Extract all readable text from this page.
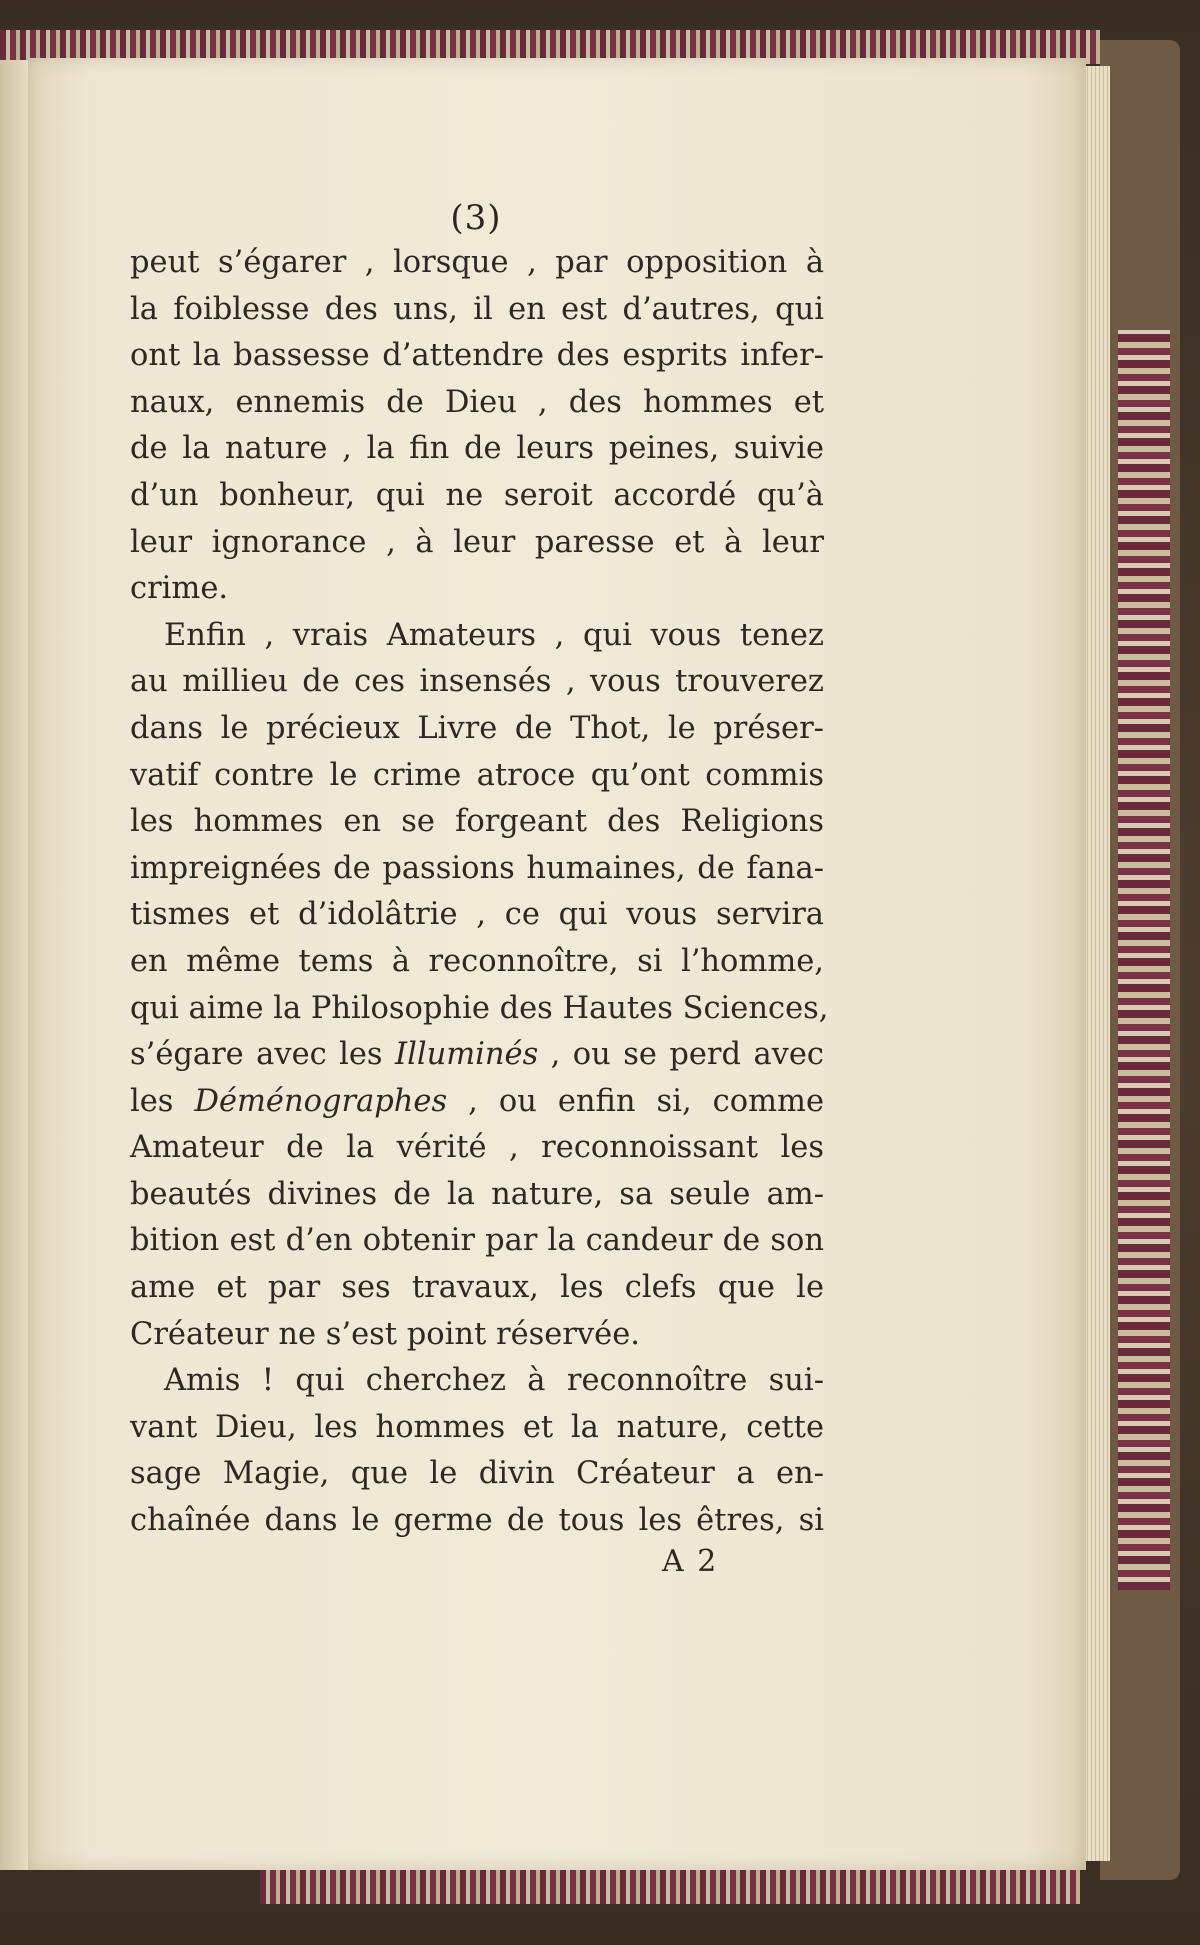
(3)
peut s’égarer , lorsque , par opposition à
la foiblesse des uns, il en est d’autres, qui
ont la bassesse d’attendre des esprits infer-
naux, ennemis de Dieu , des hommes et
de la nature , la fin de leurs peines, suivie
d’un bonheur, qui ne seroit accordé qu’à
leur ignorance , à leur paresse et à leur
crime.
Enfin , vrais Amateurs , qui vous tenez
au millieu de ces insensés , vous trouverez
dans le précieux Livre de Thot, le préser-
vatif contre le crime atroce qu’ont commis
les hommes en se forgeant des Religions
impreignées de passions humaines, de fana-
tismes et d’idolâtrie , ce qui vous servira
en même tems à reconnoître, si l’homme,
qui aime la Philosophie des Hautes Sciences,
s’égare avec les Illuminés , ou se perd avec
les Déménographes , ou enfin si, comme
Amateur de la vérité , reconnoissant les
beautés divines de la nature, sa seule am-
bition est d’en obtenir par la candeur de son
ame et par ses travaux, les clefs que le
Créateur ne s’est point réservée.
Amis ! qui cherchez à reconnoître sui-
vant Dieu, les hommes et la nature, cette
sage Magie, que le divin Créateur a en-
chaînée dans le germe de tous les êtres, si
A 2
